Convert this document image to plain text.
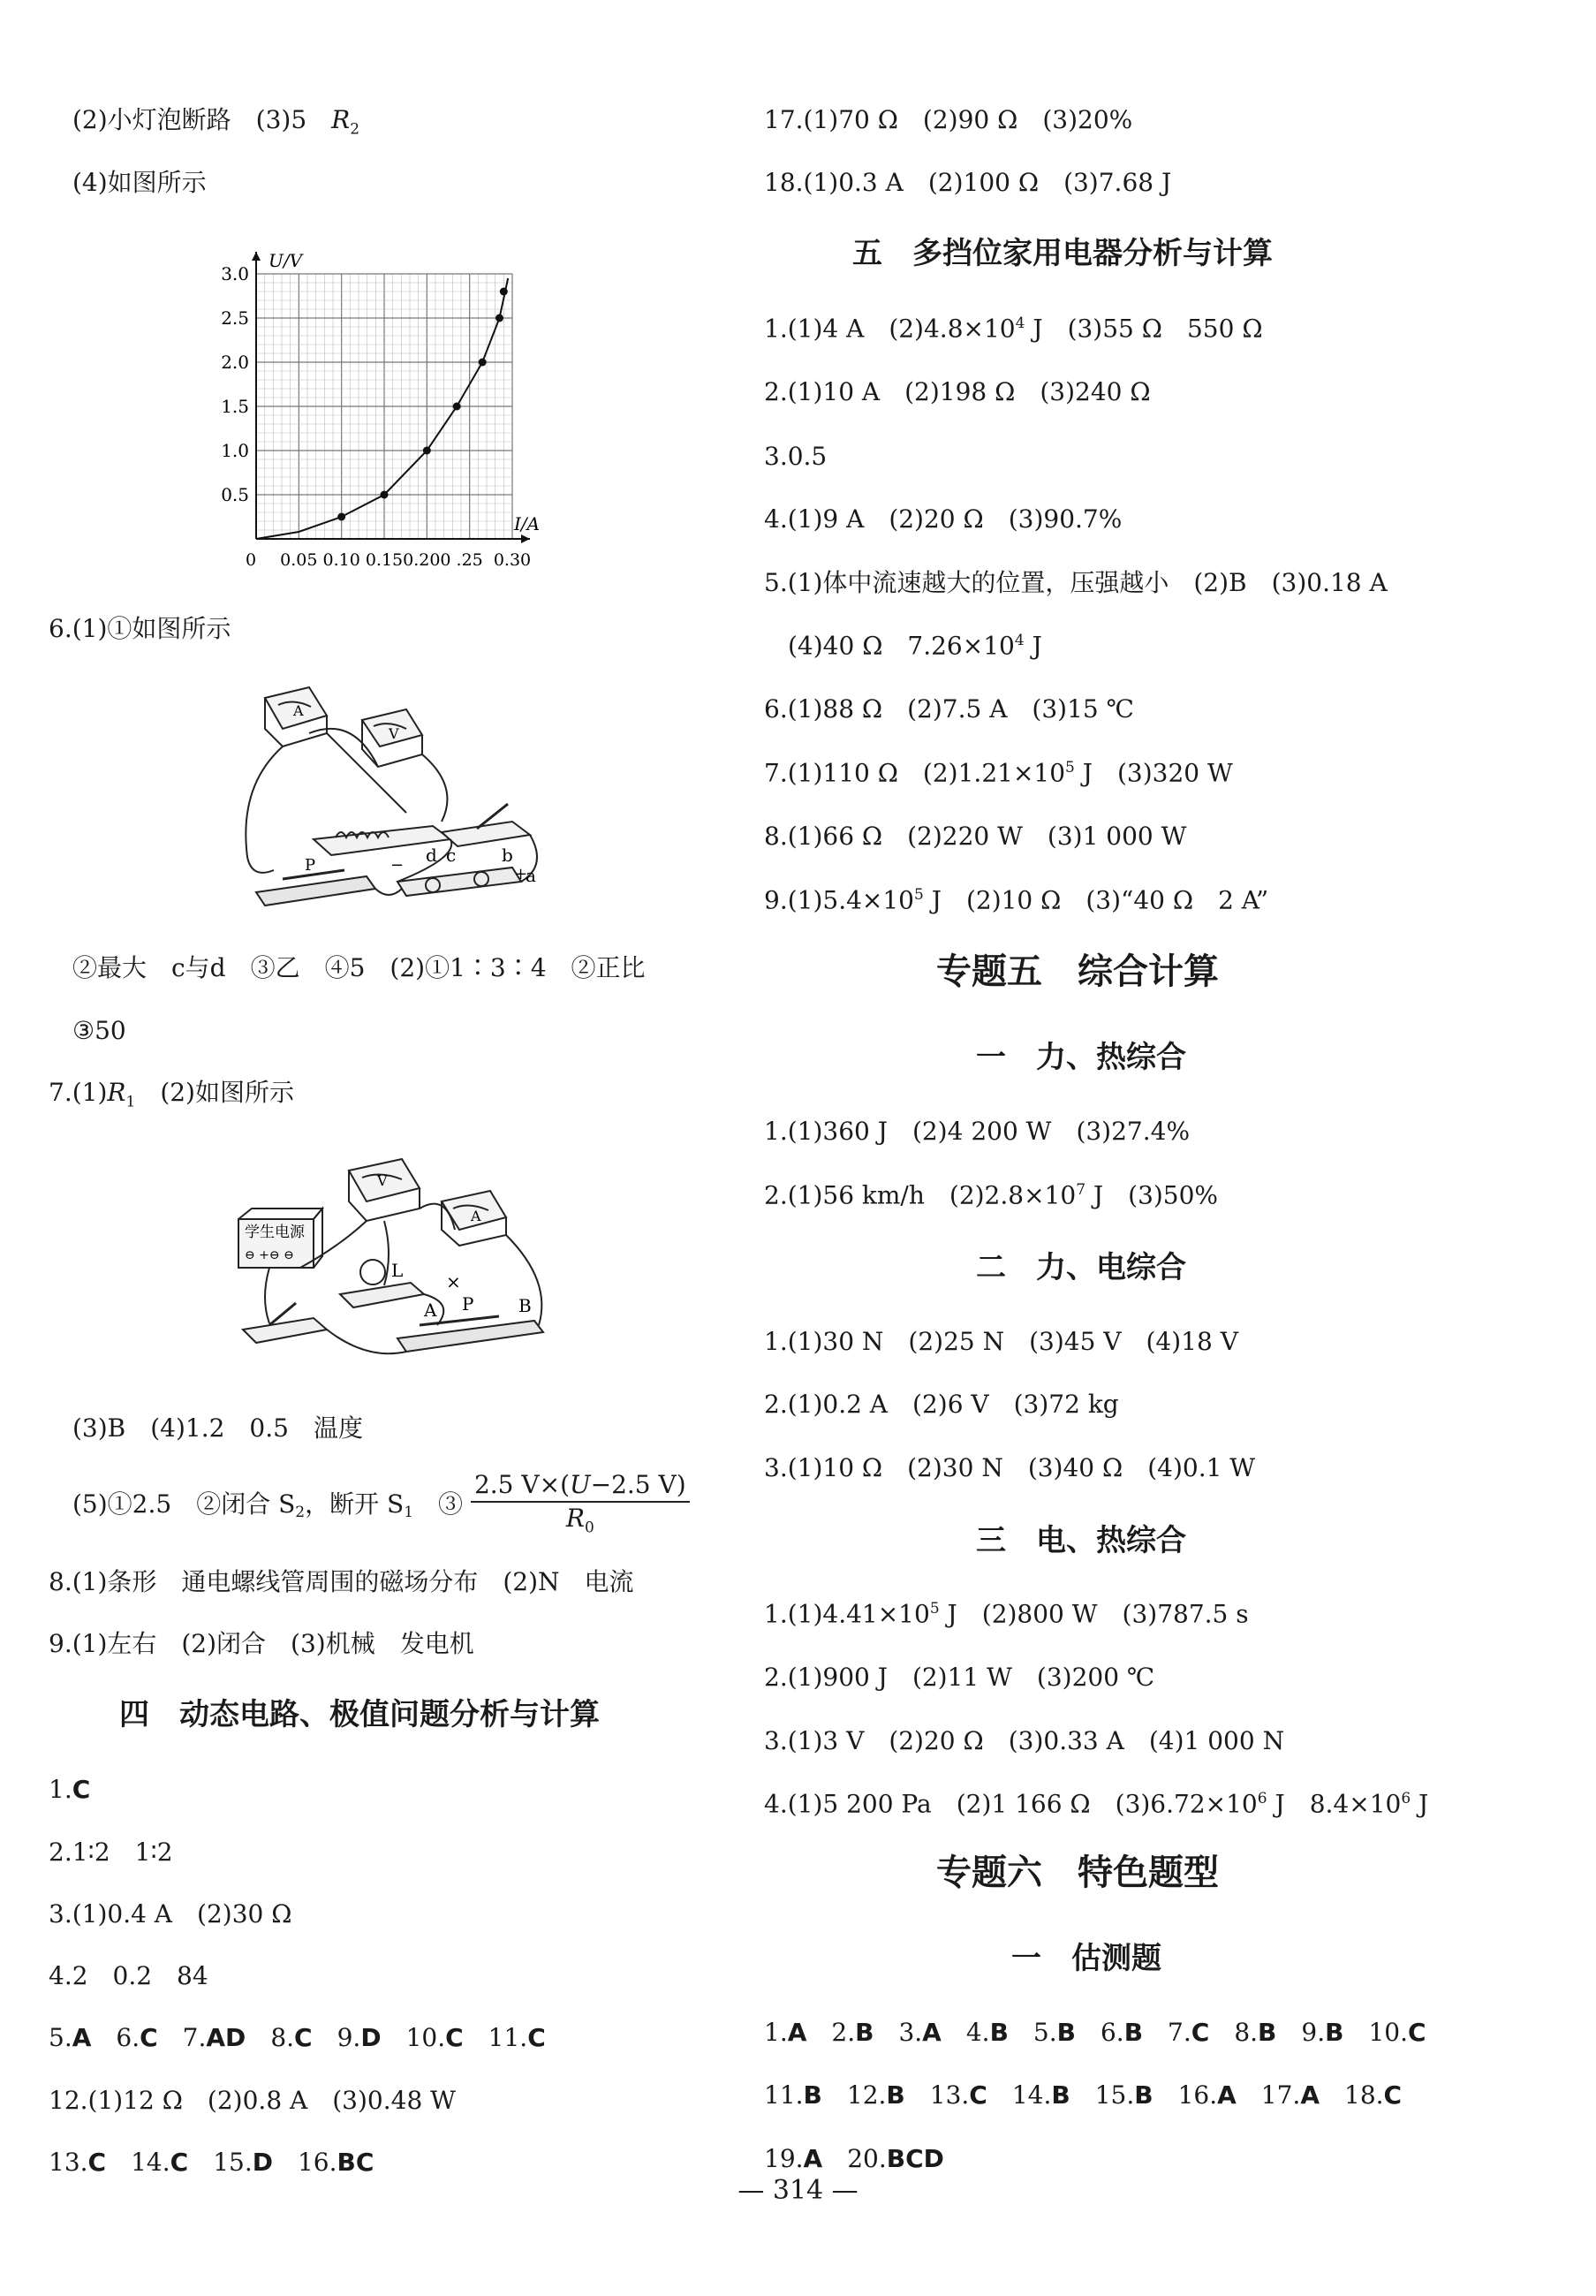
(2)小灯泡断路　(3)5　$R_2$
(4)如图所示
0.5
1.0
1.5
2.0
2.5
3.0
0 0.05 0.10 0.15 0.200 .25 0.30
U/V
I/A
6.(1)①如图所示
A
V
P	d c	b
a
−	+
②最大　c与d　③乙　④5　(2)①1∶3∶4　②正比
③50
$7.(1)R_1$　(2)如图所示
学生电源
⊖ +⊖ ⊖
V
A
L
A P	B
×
(3)B　(4)1.2　0.5　温度
(5)①2.5　②闭合 $S_2$，断开 $S_1$　③ $\frac{2.5 V\times(U-2.5 V)}{R_0}$
8.(1)条形　通电螺线管周围的磁场分布　(2)N　电流
9.(1)左右　(2)闭合　(3)机械　发电机
四　动态电路、极值问题分析与计算
1.C
2.1∶2　1∶2
3.(1)0.4 A　(2)30 Ω
4.2　0.2　84
5.A 6.C 7.AD 8.C 9.D 10.C 11.C
12.(1)12 Ω　(2)0.8 A　(3)0.48 W
13.C 14.C 15.D 16.BC
17.(1)70 Ω　(2)90 Ω　(3)20%
18.(1)0.3 A　(2)100 Ω　(3)7.68 J
五　多挡位家用电器分析与计算
1.(1)4 A　$(2)4.8\times 10^4$ J　(3)55 Ω　550 Ω
2.(1)10 A　(2)198 Ω　(3)240 Ω
3.0.5
4.(1)9 A　(2)20 Ω　(3)90.7%
5.(1)体中流速越大的位置，压强越小　(2)B　(3)0.18 A
(4)40 Ω　$7.26\times 10^4$ J
6.(1)88 Ω　(2)7.5 A　(3)15 ℃
7.(1)110 Ω　$(2)1.21\times 10^5$ J　(3)320 W
8.(1)66 Ω　(2)220 W　(3)1 000 W
$9.(1)5.4\times 10^5$ J　(2)10 Ω　(3)“40 Ω　2 A”
专题五　综合计算
一　力、热综合
1.(1)360 J　(2)4 200 W　(3)27.4%
2.(1)56 km/h　$(2)2.8\times 10^7$ J　(3)50%
二　力、电综合
1.(1)30 N　(2)25 N　(3)45 V　(4)18 V
2.(1)0.2 A　(2)6 V　(3)72 kg
3.(1)10 Ω　(2)30 N　(3)40 Ω　(4)0.1 W
三　电、热综合
$1.(1)4.41\times 10^5$ J　(2)800 W　(3)787.5 s
2.(1)900 J　(2)11 W　(3)200 ℃
3.(1)3 V　(2)20 Ω　(3)0.33 A　(4)1 000 N
4.(1)5 200 Pa　(2)1 166 Ω　$(3)6.72\times 10^6$ J　$8.4\times 10^6$ J
专题六　特色题型
一　估测题
1.A 2.B 3.A 4.B 5.B 6.B 7.C 8.B 9.B 10.C
11.B 12.B 13.C 14.B 15.B 16.A 17.A 18.C
19.A 20.BCD
— 314 —
